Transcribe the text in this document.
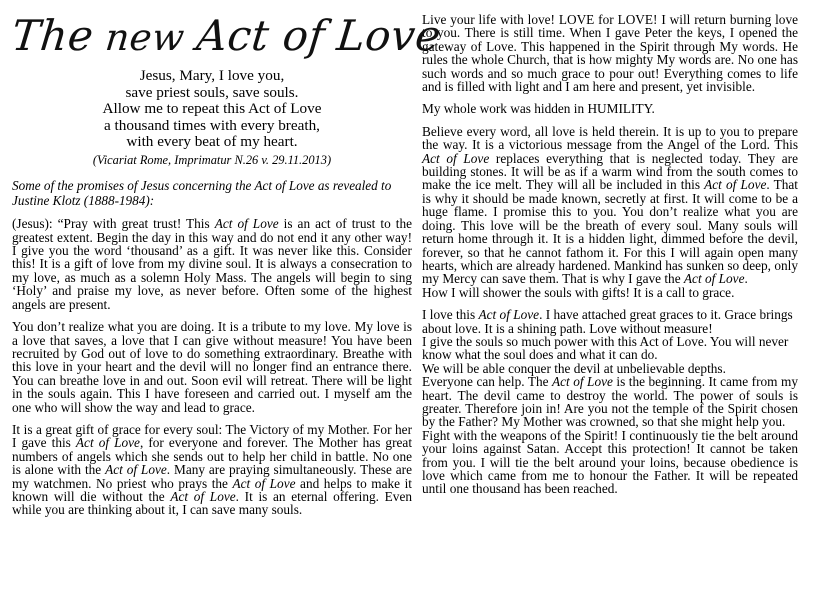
The new Act of Love
Jesus, Mary, I love you,
save priest souls, save souls.
Allow me to repeat this Act of Love
a thousand times with every breath,
with every beat of my heart.
(Vicariat Rome, Imprimatur N.26 v. 29.11.2013)
Some of the promises of Jesus concerning the Act of Love as revealed to Justine Klotz (1888-1984):

(Jesus): “Pray with great trust! This Act of Love is an act of trust to the greatest extent. Begin the day in this way and do not end it any other way! I give you the word ‘thousand’ as a gift. It was never like this. Consider this! It is a gift of love from my divine soul. It is always a consecration to my love, as much as a solemn Holy Mass. The angels will begin to sing ‘Holy’ and praise my love, as never before. Often some of the highest angels are present.

You don’t realize what you are doing. It is a tribute to my love. My love is a love that saves, a love that I can give without measure! You have been recruited by God out of love to do something extraordinary. Breathe with this love in your heart and the devil will no longer find an entrance there. You can breathe love in and out. Soon evil will retreat. There will be light in the souls again. This I have foreseen and carried out. I myself am the one who will show the way and lead to grace.

It is a great gift of grace for every soul: The Victory of my Mother. For her I gave this Act of Love, for everyone and forever. The Mother has great numbers of angels which she sends out to help her child in battle. No one is alone with the Act of Love. Many are praying simultaneously. These are my watchmen. No priest who prays the Act of Love and helps to make it known will die without the Act of Love. It is an eternal offering. Even while you are thinking about it, I can save many souls.

Live your life with love! LOVE for LOVE! I will return burning love to you. There is still time. When I gave Peter the keys, I opened the gateway of Love. This happened in the Spirit through My words. He rules the whole Church, that is how mighty My words are. No one has such words and so much grace to pour out! Everything comes to life and is filled with light and I am here and present, yet invisible.

My whole work was hidden in HUMILITY.

Believe every word, all love is held therein. It is up to you to prepare the way. It is a victorious message from the Angel of the Lord. This Act of Love replaces everything that is neglected today. They are building stones. It will be as if a warm wind from the south comes to make the ice melt. They will all be included in this Act of Love. That is why it should be made known, secretly at first. It will come to be a huge flame. I promise this to you. You don’t realize what you are doing. This love will be the breath of every soul. Many souls will return home through it. It is a hidden light, dimmed before the devil, forever, so that he cannot fathom it. For this I will again open many hearts, which are already hardened. Mankind has sunken so deep, only my Mercy can save them. That is why I gave the Act of Love.

How I will shower the souls with gifts! It is a call to grace.

I love this Act of Love. I have attached great graces to it. Grace brings about love. It is a shining path. Love without measure!

I give the souls so much power with this Act of Love. You will never know what the soul does and what it can do.

We will be able conquer the devil at unbelievable depths.

Everyone can help. The Act of Love is the beginning. It came from my heart. The devil came to destroy the world. The power of souls is greater. Therefore join in! Are you not the temple of the Spirit chosen by the Father? My Mother was crowned, so that she might help you.

Fight with the weapons of the Spirit! I continuously tie the belt around your loins against Satan. Accept this protection! It cannot be taken from you. I will tie the belt around your loins, because obedience is love which came from me to honour the Father. It will be repeated until one thousand has been reached.
